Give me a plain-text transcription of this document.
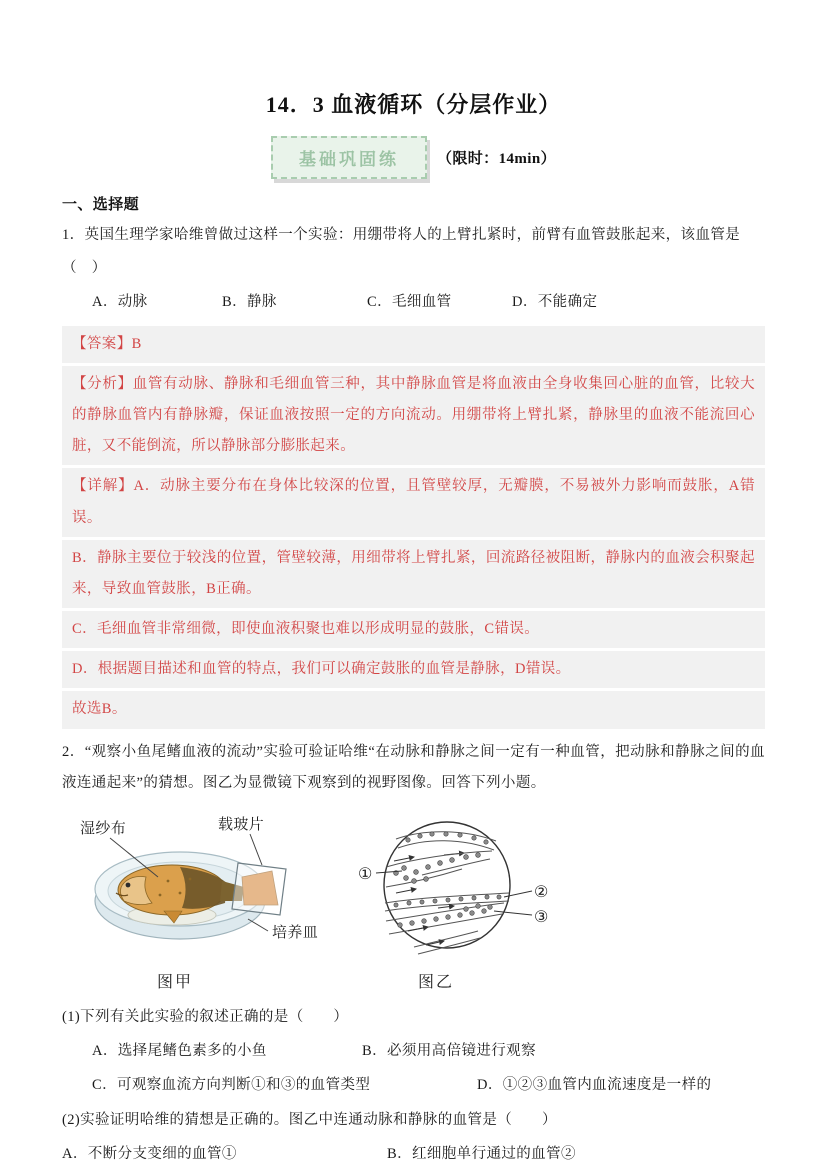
14．3 血液循环（分层作业）
基础巩固练	（限时：14min）
一、选择题

1．英国生理学家哈维曾做过这样一个实验：用绷带将人的上臂扎紧时，前臂有血管鼓胀起来，该血管是

（　）

A．动脉	B．静脉	C．毛细血管	D．不能确定

【答案】B

【分析】血管有动脉、静脉和毛细血管三种，其中静脉血管是将血液由全身收集回心脏的血管，比较大的静脉血管内有静脉瓣，保证血液按照一定的方向流动。用绷带将上臂扎紧，静脉里的血液不能流回心脏，又不能倒流，所以静脉部分膨胀起来。

【详解】A．动脉主要分布在身体比较深的位置，且管壁较厚，无瓣膜，不易被外力影响而鼓胀，A错误。

B．静脉主要位于较浅的位置，管壁较薄，用细带将上臂扎紧，回流路径被阻断，静脉内的血液会积聚起来，导致血管鼓胀，B正确。

C．毛细血管非常细微，即使血液积聚也难以形成明显的鼓胀，C错误。

D．根据题目描述和血管的特点，我们可以确定鼓胀的血管是静脉，D错误。

故选B。

2．“观察小鱼尾鳍血液的流动”实验可验证哈维“在动脉和静脉之间一定有一种血管，把动脉和静脉之间的血液连通起来”的猜想。图乙为显微镜下观察到的视野图像。回答下列小题。

湿纱布	载玻片
培养皿
图甲
①
②
③
图乙

(1)下列有关此实验的叙述正确的是（　　）

A．选择尾鳍色素多的小鱼	B．必须用高倍镜进行观察
C．可观察血流方向判断①和③的血管类型	D．①②③血管内血流速度是一样的

(2)实验证明哈维的猜想是正确的。图乙中连通动脉和静脉的血管是（　　）

A．不断分支变细的血管①	B．红细胞单行通过的血管②
